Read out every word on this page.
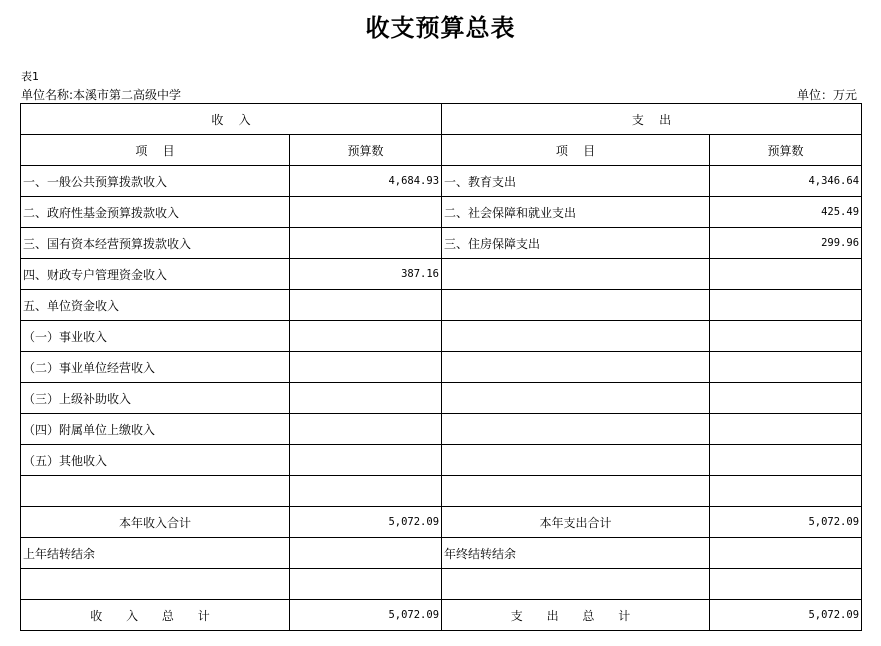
收支预算总表
表1
单位名称:本溪市第二高级中学	单位：万元
收    入		支    出	
项    目	预算数	项    目	预算数
一、一般公共预算拨款收入	4,684.93	一、教育支出	4,346.64
二、政府性基金预算拨款收入		二、社会保障和就业支出	425.49
三、国有资本经营预算拨款收入		三、住房保障支出	299.96
四、财政专户管理资金收入	387.16		
五、单位资金收入			
（一）事业收入			
（二）事业单位经营收入			
（三）上级补助收入			
（四）附属单位上缴收入			
（五）其他收入			

本年收入合计	5,072.09	本年支出合计	5,072.09
上年结转结余		年终结转结余	

收 入 总 计	5,072.09	支 出 总 计	5,072.09
